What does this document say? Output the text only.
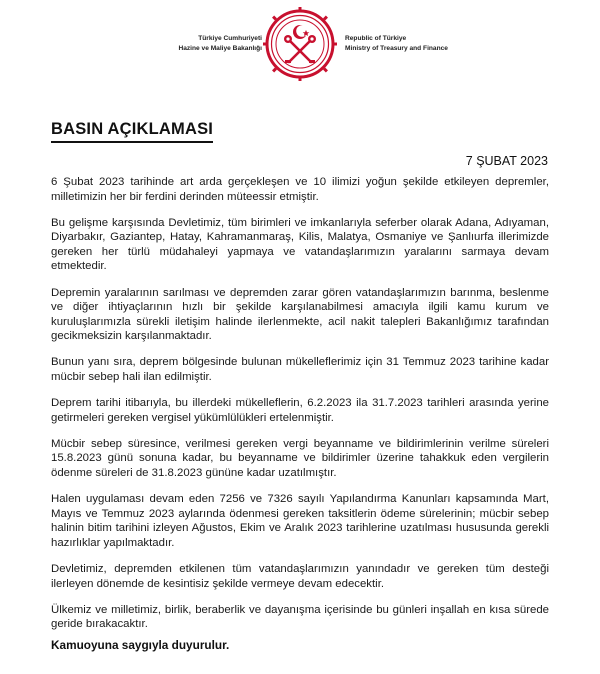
Türkiye Cumhuriyeti
Hazine ve Maliye Bakanlığı
Republic of Türkiye
Ministry of Treasury and Finance
BASIN AÇIKLAMASI
7 ŞUBAT 2023

6 Şubat 2023 tarihinde art arda gerçekleşen ve 10 ilimizi yoğun şekilde etkileyen depremler, milletimizin her bir ferdini derinden müteessir etmiştir.

Bu gelişme karşısında Devletimiz, tüm birimleri ve imkanlarıyla seferber olarak Adana, Adıyaman, Diyarbakır, Gaziantep, Hatay, Kahramanmaraş, Kilis, Malatya, Osmaniye ve Şanlıurfa illerimizde gereken her türlü müdahaleyi yapmaya ve vatandaşlarımızın yaralarını sarmaya devam etmektedir.

Depremin yaralarının sarılması ve depremden zarar gören vatandaşlarımızın barınma, beslenme ve diğer ihtiyaçlarının hızlı bir şekilde karşılanabilmesi amacıyla ilgili kamu kurum ve kuruluşlarımızla sürekli iletişim halinde ilerlenmekte, acil nakit talepleri Bakanlığımız tarafından gecikmeksizin karşılanmaktadır.

Bunun yanı sıra, deprem bölgesinde bulunan mükelleflerimiz için 31 Temmuz 2023 tarihine kadar mücbir sebep hali ilan edilmiştir.

Deprem tarihi itibarıyla, bu illerdeki mükelleflerin, 6.2.2023 ila 31.7.2023 tarihleri arasında yerine getirmeleri gereken vergisel yükümlülükleri ertelenmiştir.

Mücbir sebep süresince, verilmesi gereken vergi beyanname ve bildirimlerinin verilme süreleri 15.8.2023 günü sonuna kadar, bu beyanname ve bildirimler üzerine tahakkuk eden vergilerin ödenme süreleri de 31.8.2023 gününe kadar uzatılmıştır.

Halen uygulaması devam eden 7256 ve 7326 sayılı Yapılandırma Kanunları kapsamında Mart, Mayıs ve Temmuz 2023 aylarında ödenmesi gereken taksitlerin ödeme sürelerinin; mücbir sebep halinin bitim tarihini izleyen Ağustos, Ekim ve Aralık 2023 tarihlerine uzatılması hususunda gerekli hazırlıklar yapılmaktadır.

Devletimiz, depremden etkilenen tüm vatandaşlarımızın yanındadır ve gereken tüm desteği ilerleyen dönemde de kesintisiz şekilde vermeye devam edecektir.

Ülkemiz ve milletimiz, birlik, beraberlik ve dayanışma içerisinde bu günleri inşallah en kısa sürede geride bırakacaktır.

Kamuoyuna saygıyla duyurulur.
